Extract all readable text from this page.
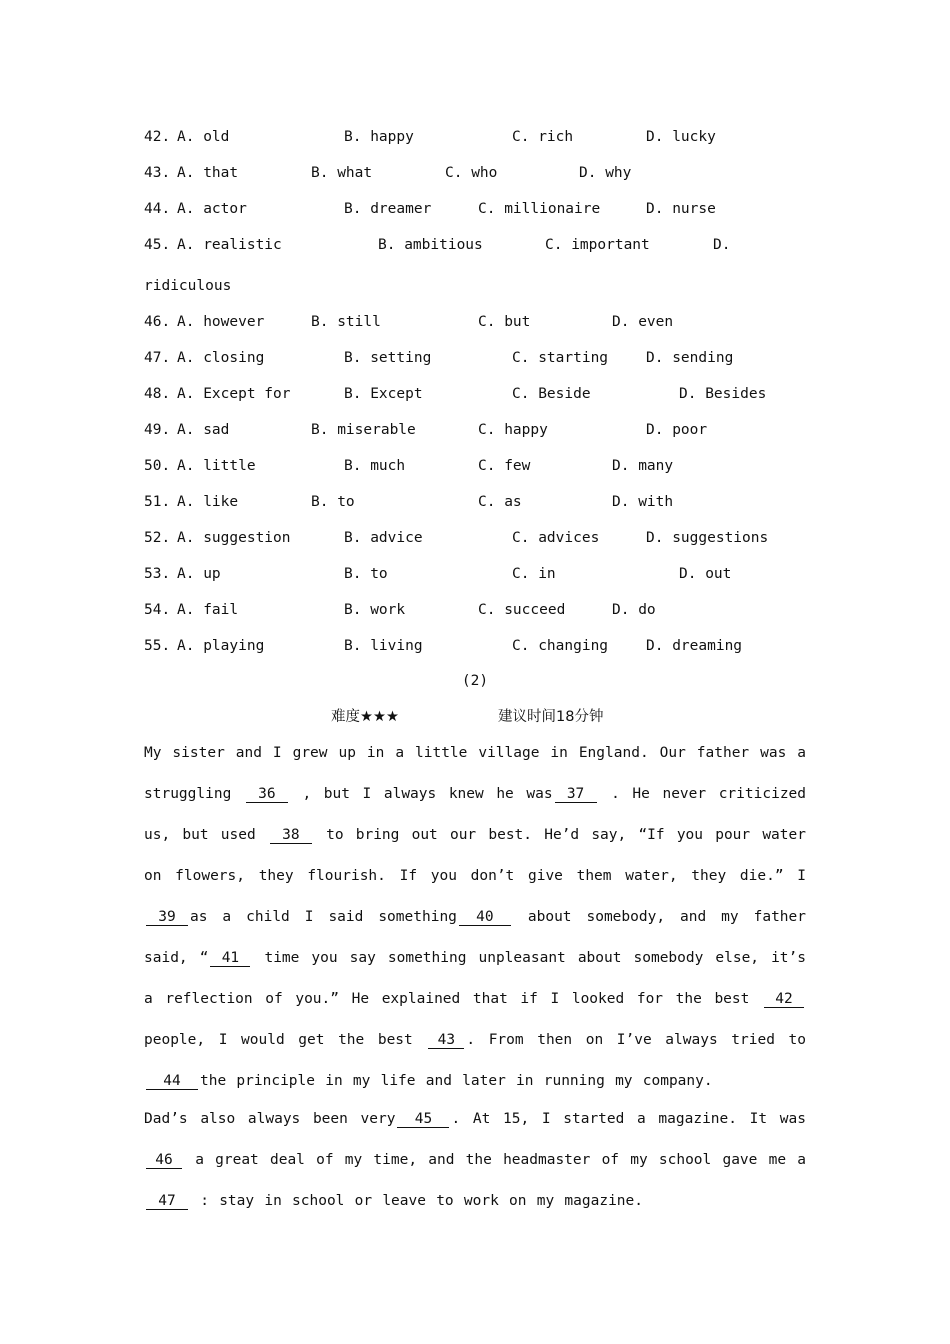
42. A. old	B. happy	C. rich	D. lucky
43. A. that	B. what	C. who	D. why
44. A. actor	B. dreamer	C. millionaire	D. nurse
45. A. realistic	B. ambitious	C. important	D.
ridiculous
46. A. however	B. still	C. but	D. even
47. A. closing	B. setting	C. starting	D. sending
48. A. Except for	B. Except	C. Beside	D. Besides
49. A. sad	B. miserable	C. happy	D. poor
50. A. little	B. much	C. few	D. many
51. A. like	B. to	C. as	D. with
52. A. suggestion	B. advice	C. advices	D. suggestions
53. A. up	B. to	C. in	D. out
54. A. fail	B. work	C. succeed	D. do
55. A. playing	B. living	C. changing	D. dreaming
(2)
难度★★★	建议时间18分钟

My sister and I grew up in a little village in England. Our father was a struggling 36 , but I always knew he was 37 . He never criticized us, but used 38 to bring out our best. He’d say, “If you pour water on flowers, they flourish. If you don’t give them water, they die.” I 39 as a child I said something 40 about somebody, and my father said, “ 41 time you say something unpleasant about somebody else, it’s a reflection of you.” He explained that if I looked for the best 42 people, I would get the best 43 . From then on I’ve always tried to 44 the principle in my life and later in running my company.

Dad’s also always been very 45 . At 15, I started a magazine. It was 46 a great deal of my time, and the headmaster of my school gave me a 47 : stay in school or leave to work on my magazine.
